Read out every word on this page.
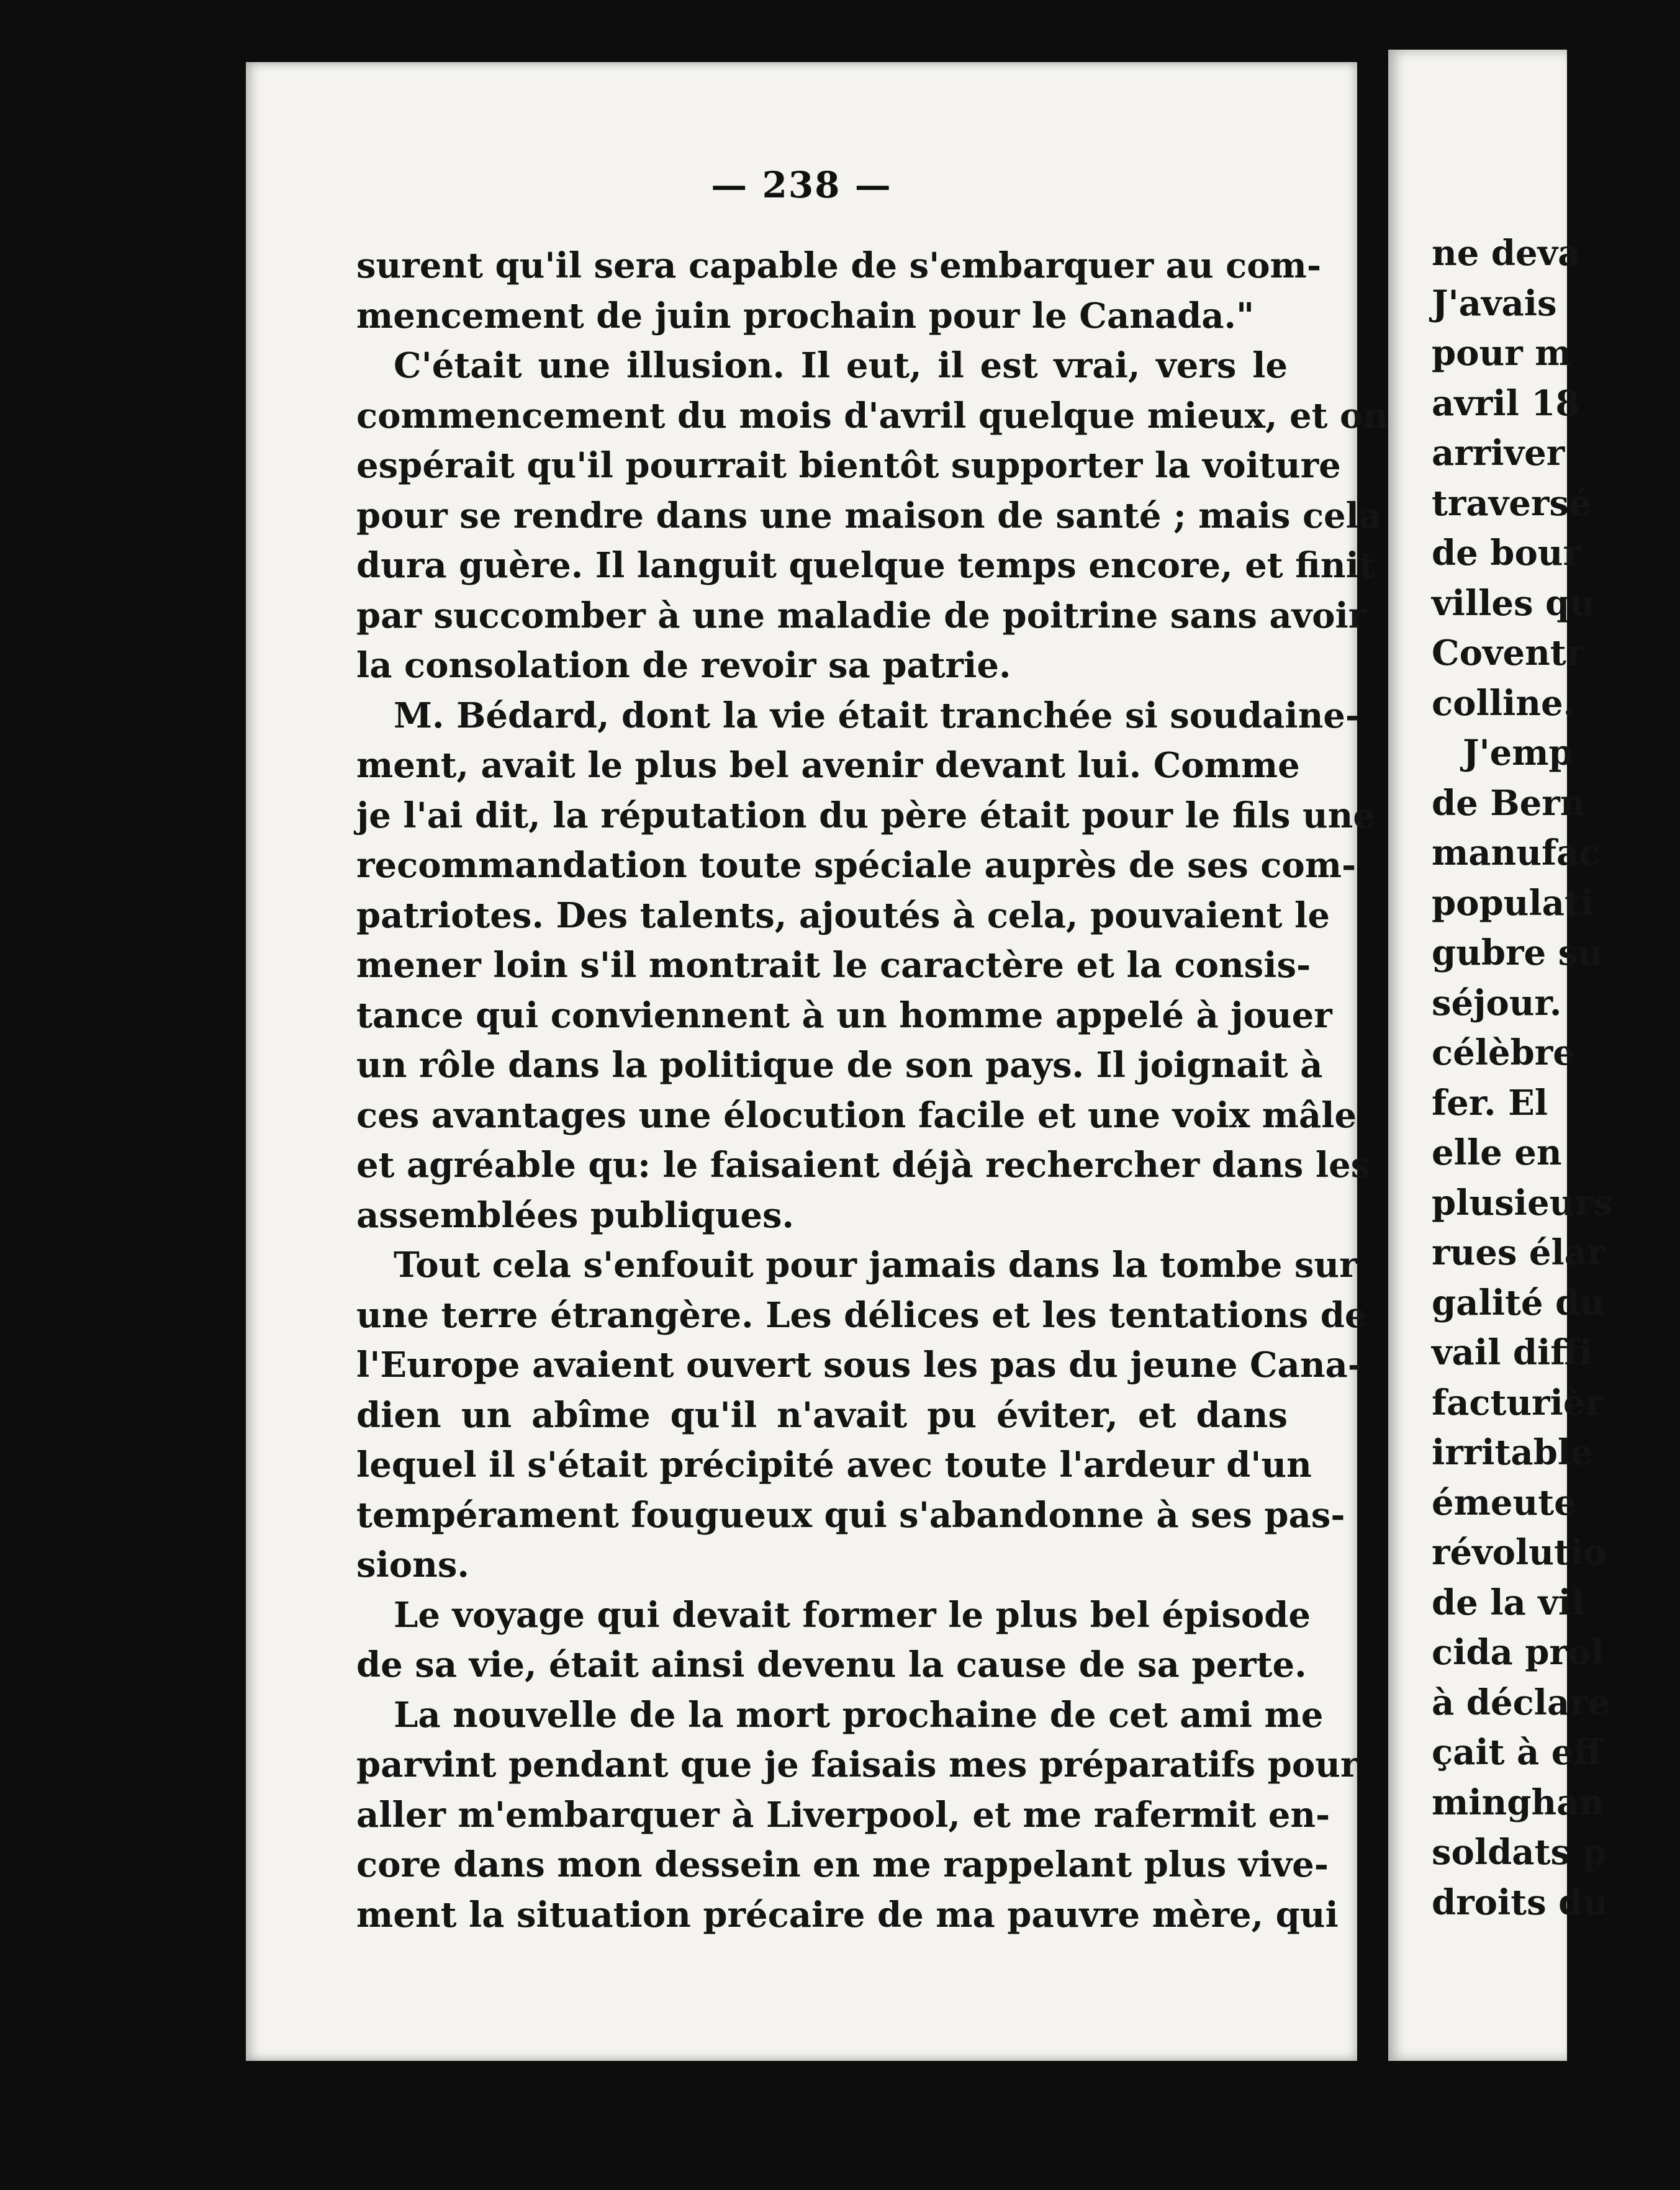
— 238 —
surent qu'il sera capable de s'embarquer au com-
mencement de juin prochain pour le Canada."
C'était une illusion. Il eut, il est vrai, vers le
commencement du mois d'avril quelque mieux, et on
espérait qu'il pourrait bientôt supporter la voiture
pour se rendre dans une maison de santé ; mais cela
dura guère. Il languit quelque temps encore, et finit
par succomber à une maladie de poitrine sans avoir
la consolation de revoir sa patrie.
M. Bédard, dont la vie était tranchée si soudaine-
ment, avait le plus bel avenir devant lui. Comme
je l'ai dit, la réputation du père était pour le fils une
recommandation toute spéciale auprès de ses com-
patriotes. Des talents, ajoutés à cela, pouvaient le
mener loin s'il montrait le caractère et la consis-
tance qui conviennent à un homme appelé à jouer
un rôle dans la politique de son pays. Il joignait à
ces avantages une élocution facile et une voix mâle
et agréable qu: le faisaient déjà rechercher dans les
assemblées publiques.
Tout cela s'enfouit pour jamais dans la tombe sur
une terre étrangère. Les délices et les tentations de
l'Europe avaient ouvert sous les pas du jeune Cana-
dien un abîme qu'il n'avait pu éviter, et dans
lequel il s'était précipité avec toute l'ardeur d'un
tempérament fougueux qui s'abandonne à ses pas-
sions.
Le voyage qui devait former le plus bel épisode
de sa vie, était ainsi devenu la cause de sa perte.
La nouvelle de la mort prochaine de cet ami me
parvint pendant que je faisais mes préparatifs pour
aller m'embarquer à Liverpool, et me rafermit en-
core dans mon dessein en me rappelant plus vive-
ment la situation précaire de ma pauvre mère, qui
ne deva
J'avais
pour m
avril 18
arriver
traversé
de bour
villes qu
Coventr
colline.
J'emp
de Bern
manufac
populati
gubre su
séjour.
célèbre
fer. El
elle en
plusieurs
rues élar
galité du
vail diffi
facturièr
irritable
émeute
révolutio
de la vil
cida prol
à déclare
çait à eff
minghan
soldats p
droits du
